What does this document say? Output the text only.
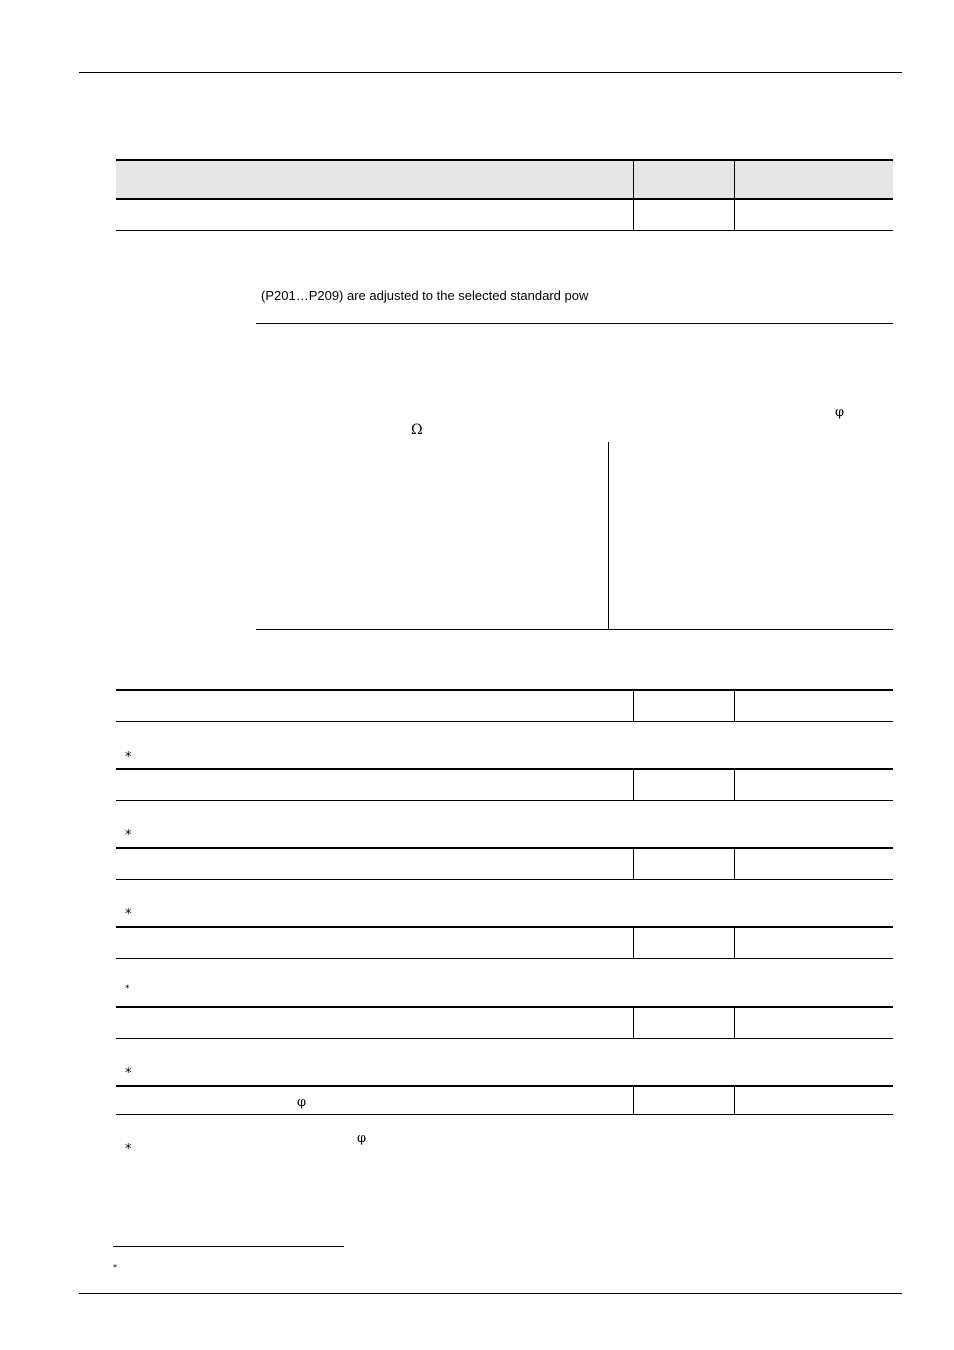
(P201…P209) are adjusted to the selected standard pow
φ
Ω
*
*
*
*
*
φ
φ
*
*
